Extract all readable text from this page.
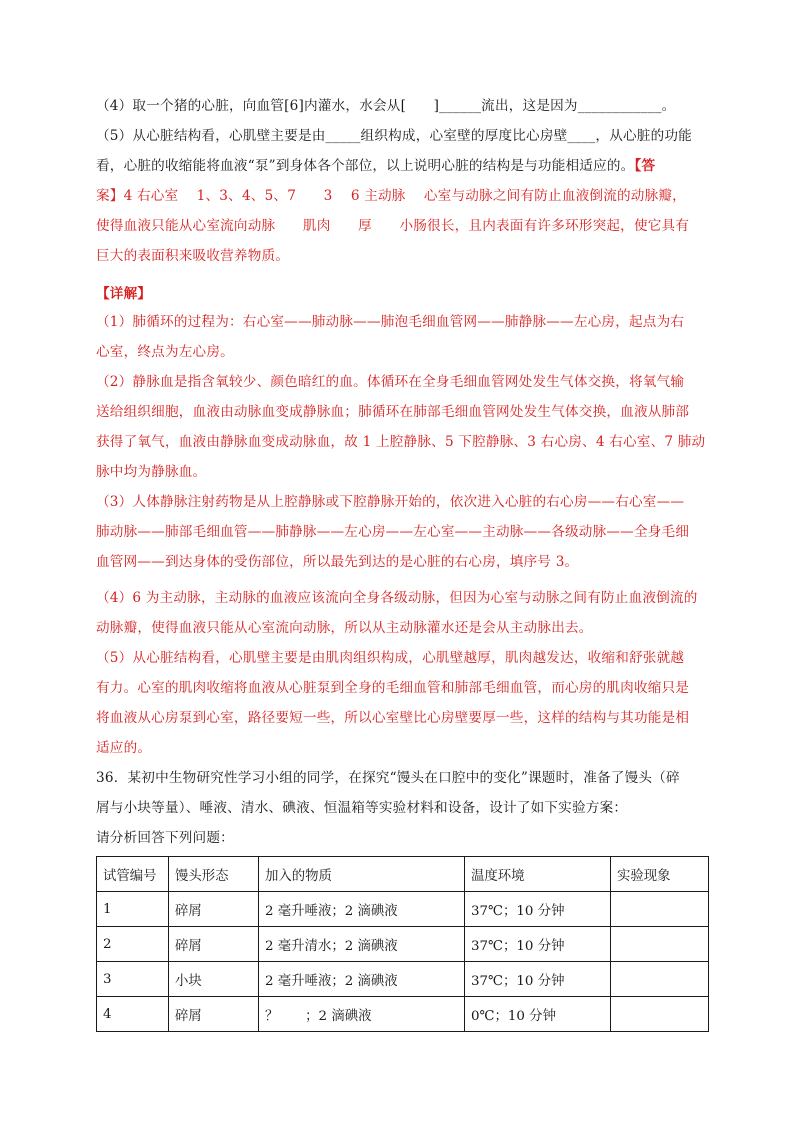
（4）取一个猪的心脏，向血管[6]内灌水，水会从[　　]______流出，这是因为____________。
（5）从心脏结构看，心肌壁主要是由_____组织构成，心室壁的厚度比心房壁____，从心脏的功能
看，心脏的收缩能将血液“泵”到身体各个部位，以上说明心脏的结构是与功能相适应的。【答
案】4 右心室　 1、3、4、5、7　　3　 6 主动脉　 心室与动脉之间有防止血液倒流的动脉瓣，
使得血液只能从心室流向动脉　　肌肉　　厚　　小肠很长，且内表面有许多环形突起，使它具有
巨大的表面积来吸收营养物质。
【详解】
（1）肺循环的过程为：右心室——肺动脉——肺泡毛细血管网——肺静脉——左心房，起点为右
心室，终点为左心房。
（2）静脉血是指含氧较少、颜色暗红的血。体循环在全身毛细血管网处发生气体交换，将氧气输
送给组织细胞，血液由动脉血变成静脉血；肺循环在肺部毛细血管网处发生气体交换，血液从肺部
获得了氧气，血液由静脉血变成动脉血，故 1 上腔静脉、5 下腔静脉、3 右心房、4 右心室、7 肺动
脉中均为静脉血。
（3）人体静脉注射药物是从上腔静脉或下腔静脉开始的，依次进入心脏的右心房——右心室——
肺动脉——肺部毛细血管——肺静脉——左心房——左心室——主动脉——各级动脉——全身毛细
血管网——到达身体的受伤部位，所以最先到达的是心脏的右心房，填序号 3。
（4）6 为主动脉，主动脉的血液应该流向全身各级动脉，但因为心室与动脉之间有防止血液倒流的
动脉瓣，使得血液只能从心室流向动脉，所以从主动脉灌水还是会从主动脉出去。
（5）从心脏结构看，心肌壁主要是由肌肉组织构成，心肌壁越厚，肌肉越发达，收缩和舒张就越
有力。心室的肌肉收缩将血液从心脏泵到全身的毛细血管和肺部毛细血管，而心房的肌肉收缩只是
将血液从心房泵到心室，路径要短一些，所以心室壁比心房壁要厚一些，这样的结构与其功能是相
适应的。
36．某初中生物研究性学习小组的同学，在探究“馒头在口腔中的变化”课题时，准备了馒头（碎
屑与小块等量）、唾液、清水、碘液、恒温箱等实验材料和设备，设计了如下实验方案：
请分析回答下列问题：
试管编号	馒头形态	加入的物质	温度环境	实验现象
1	碎屑	2 毫升唾液；2 滴碘液	37℃；10 分钟	
2	碎屑	2 毫升清水；2 滴碘液	37℃；10 分钟	
3	小块	2 毫升唾液；2 滴碘液	37℃；10 分钟	
4	碎屑	？　　；2 滴碘液	0℃；10 分钟	
